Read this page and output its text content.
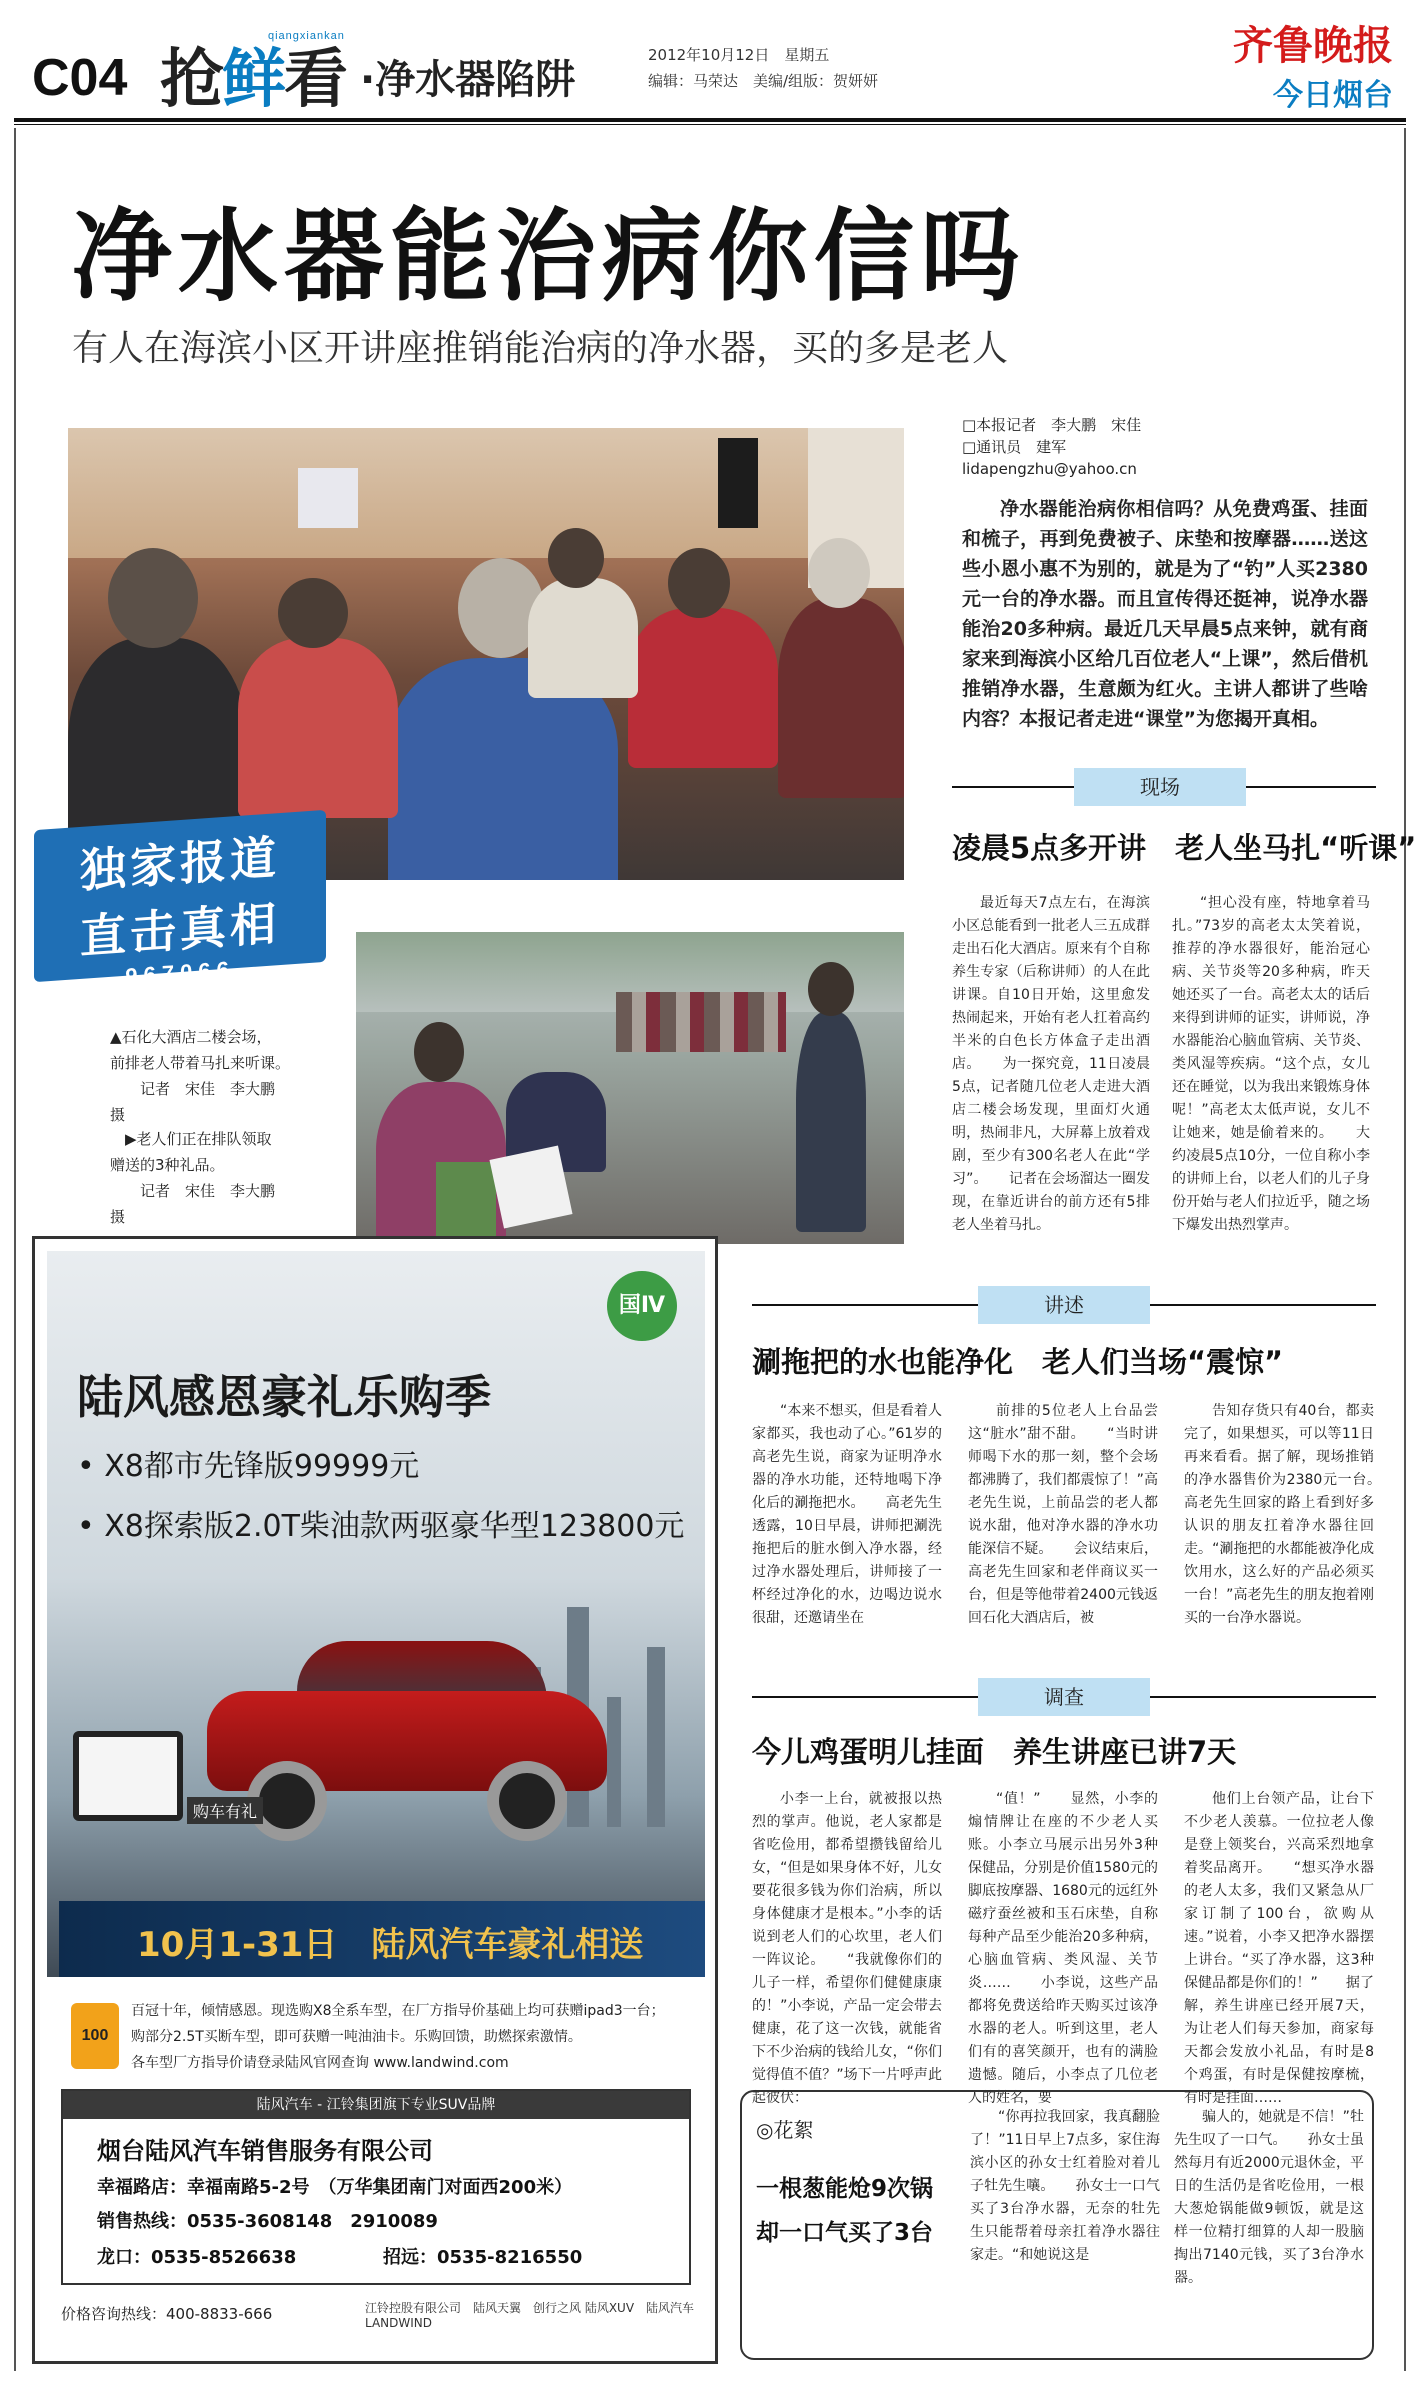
C04 抢鲜看
qiangxiankan
·净水器陷阱
2012年10月12日　星期五
编辑：马荣达　美编/组版：贺妍妍
齐鲁晚报
今日烟台
净水器能治病你信吗
有人在海滨小区开讲座推销能治病的净水器，买的多是老人
独家报道
直击真相
967066
▲石化大酒店二楼会场，
前排老人带着马扎来听课。
　　记者　宋佳　李大鹏
摄
　▶老人们正在排队领取
赠送的3种礼品。
　　记者　宋佳　李大鹏
摄
□本报记者　李大鹏　宋佳
□通讯员　建军
lidapengzhu@yahoo.cn
净水器能治病你相信吗？从免费鸡蛋、挂面和梳子，再到免费被子、床垫和按摩器……送这些小恩小惠不为别的，就是为了“钓”人买2380元一台的净水器。而且宣传得还挺神，说净水器能治20多种病。最近几天早晨5点来钟，就有商家来到海滨小区给几百位老人“上课”，然后借机推销净水器，生意颇为红火。主讲人都讲了些啥内容？本报记者走进“课堂”为您揭开真相。
现场
凌晨5点多开讲　老人坐马扎“听课”

最近每天7点左右，在海滨小区总能看到一批老人三五成群走出石化大酒店。原来有个自称养生专家（后称讲师）的人在此讲课。自10日开始，这里愈发热闹起来，开始有老人扛着高约半米的白色长方体盒子走出酒店。　　为一探究竟，11日凌晨5点，记者随几位老人走进大酒店二楼会场发现，里面灯火通明，热闹非凡，大屏幕上放着戏剧，至少有300名老人在此“学习”。　　记者在会场溜达一圈发现，在靠近讲台的前方还有5排老人坐着马扎。

“担心没有座，特地拿着马扎。”73岁的高老太太笑着说，推荐的净水器很好，能治冠心病、关节炎等20多种病，昨天她还买了一台。高老太太的话后来得到讲师的证实，讲师说，净水器能治心脑血管病、关节炎、类风湿等疾病。“这个点，女儿还在睡觉，以为我出来锻炼身体呢！”高老太太低声说，女儿不让她来，她是偷着来的。　　大约凌晨5点10分，一位自称小李的讲师上台，以老人们的儿子身份开始与老人们拉近乎，随之场下爆发出热烈掌声。

讲述
涮拖把的水也能净化　老人们当场“震惊”

“本来不想买，但是看着人家都买，我也动了心。”61岁的高老先生说，商家为证明净水器的净水功能，还特地喝下净化后的涮拖把水。　　高老先生透露，10日早晨，讲师把涮洗拖把后的脏水倒入净水器，经过净水器处理后，讲师接了一杯经过净化的水，边喝边说水很甜，还邀请坐在

前排的5位老人上台品尝这“脏水”甜不甜。　　“当时讲师喝下水的那一刻，整个会场都沸腾了，我们都震惊了！”高老先生说，上前品尝的老人都说水甜，他对净水器的净水功能深信不疑。　　会议结束后，高老先生回家和老伴商议买一台，但是等他带着2400元钱返回石化大酒店后，被

告知存货只有40台，都卖完了，如果想买，可以等11日再来看看。据了解，现场推销的净水器售价为2380元一台。　　高老先生回家的路上看到好多认识的朋友扛着净水器往回走。“涮拖把的水都能被净化成饮用水，这么好的产品必须买一台！”高老先生的朋友抱着刚买的一台净水器说。

调查
今儿鸡蛋明儿挂面　养生讲座已讲7天

小李一上台，就被报以热烈的掌声。他说，老人家都是省吃俭用，都希望攒钱留给儿女，“但是如果身体不好，儿女要花很多钱为你们治病，所以身体健康才是根本。”小李的话说到老人们的心坎里，老人们一阵议论。　　“我就像你们的儿子一样，希望你们健健康康的！”小李说，产品一定会带去健康，花了这一次钱，就能省下不少治病的钱给儿女，“你们觉得值不值？”场下一片呼声此起彼伏：

“值！”　　显然，小李的煽情牌让在座的不少老人买账。小李立马展示出另外3种保健品，分别是价值1580元的脚底按摩器、1680元的远红外磁疗蚕丝被和玉石床垫，自称每种产品至少能治20多种病，心脑血管病、类风湿、关节炎……　　小李说，这些产品都将免费送给昨天购买过该净水器的老人。听到这里，老人们有的喜笑颜开，也有的满脸遗憾。随后，小李点了几位老人的姓名，要

他们上台领产品，让台下不少老人羡慕。一位拉老人像是登上领奖台，兴高采烈地拿着奖品离开。　　“想买净水器的老人太多，我们又紧急从厂家订制了100台，欲购从速。”说着，小李又把净水器摆上讲台。“买了净水器，这3种保健品都是你们的！”　　据了解，养生讲座已经开展7天，为让老人们每天参加，商家每天都会发放小礼品，有时是8个鸡蛋，有时是保健按摩梳，有时是挂面……

◎花絮
一根葱能炝9次锅
却一口气买了3台

“你再拉我回家，我真翻脸了！”11日早上7点多，家住海滨小区的孙女士红着脸对着儿子牡先生嚷。　　孙女士一口气买了3台净水器，无奈的牡先生只能帮着母亲扛着净水器往家走。“和她说这是

骗人的，她就是不信！”牡先生叹了一口气。　　孙女士虽然每月有近2000元退休金，平日的生活仍是省吃俭用，一根大葱炝锅能做9顿饭，就是这样一位精打细算的人却一股脑掏出7140元钱，买了3台净水器。

国Ⅳ
陆风感恩豪礼乐购季
• X8都市先锋版99999元
• X8探索版2.0T柴油款两驱豪华型123800元
购车有礼
10月1-31日　陆风汽车豪礼相送
100
百冠十年，倾情感恩。现选购X8全系车型，在厂方指导价基础上均可获赠ipad3一台；
购部分2.5T买断车型，即可获赠一吨油油卡。乐购回馈，助燃探索激情。
各车型厂方指导价请登录陆风官网查询 www.landwind.com
陆风汽车 - 江铃集团旗下专业SUV品牌
烟台陆风汽车销售服务有限公司
幸福路店：幸福南路5-2号　（万华集团南门对面西200米）
销售热线：0535-3608148　2910089
龙口：0535-8526638	招远：0535-8216550
价格咨询热线：400-8833-666	江铃控股有限公司　陆风天翼　创行之风 陆风XUV　陆风汽车 LANDWIND
